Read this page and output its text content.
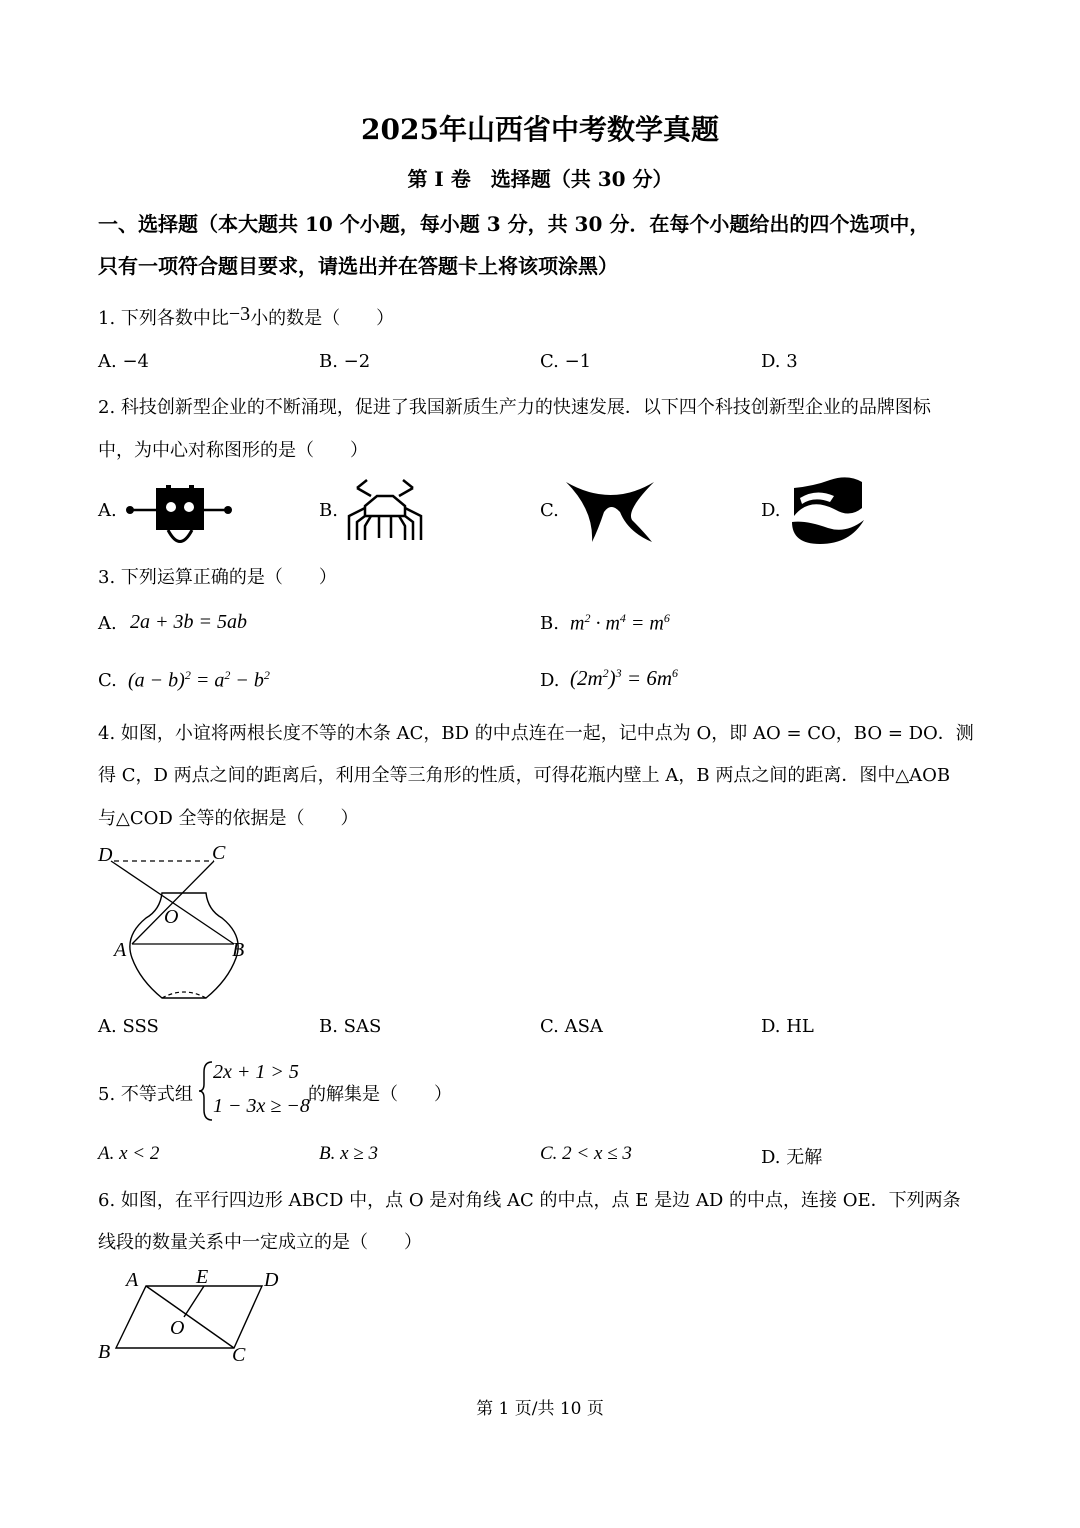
2025年山西省中考数学真题
第 I 卷　选择题（共 30 分）
一、选择题（本大题共 10 个小题，每小题 3 分，共 30 分．在每个小题给出的四个选项中，
只有一项符合题目要求，请选出并在答题卡上将该项涂黑）
1. 下列各数中比−3小的数是（　　）
A. −4	B. −2	C. −1	D. 3
2. 科技创新型企业的不断涌现，促进了我国新质生产力的快速发展．以下四个科技创新型企业的品牌图标
中，为中心对称图形的是（　　）
A.	B.	C.	D.
3. 下列运算正确的是（　　）
A. 2a + 3b = 5ab	B. $m^2 \cdot m^4 = m^6$
C. $(a - b)^2 = a^2 - b^2$	D. $(2m^2)^3 = 6m^6$
4. 如图，小谊将两根长度不等的木条 AC，BD 的中点连在一起，记中点为 O，即 AO = CO，BO = DO．测
得 C，D 两点之间的距离后，利用全等三角形的性质，可得花瓶内壁上 A，B 两点之间的距离．图中△AOB
与△COD 全等的依据是（　　）
D	C
O
A	B
A. SSS	B. SAS	C. ASA	D. HL
5. 不等式组
2x + 1 > 5
1 − 3x ≥ −8
的解集是（　　）
A. x < 2	B. x ≥ 3	C. 2 < x ≤ 3	D. 无解
6. 如图，在平行四边形 ABCD 中，点 O 是对角线 AC 的中点，点 E 是边 AD 的中点，连接 OE．下列两条
线段的数量关系中一定成立的是（　　）
A	E	D
O
B	C
第 1 页/共 10 页
